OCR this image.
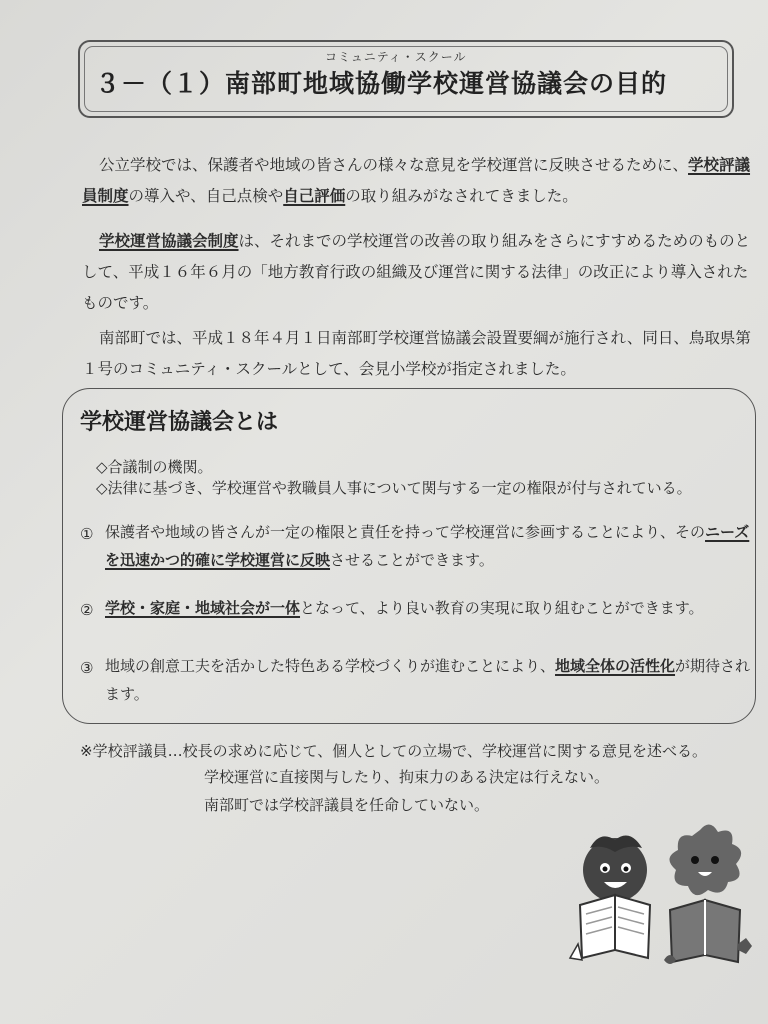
コミュニティ・スクール
３－（１）南部町地域協働学校運営協議会の目的

公立学校では、保護者や地域の皆さんの様々な意見を学校運営に反映させるために、学校評議員制度の導入や、自己点検や自己評価の取り組みがなされてきました。

学校運営協議会制度は、それまでの学校運営の改善の取り組みをさらにすすめるためのものとして、平成１６年６月の「地方教育行政の組織及び運営に関する法律」の改正により導入されたものです。

南部町では、平成１８年４月１日南部町学校運営協議会設置要綱が施行され、同日、鳥取県第１号のコミュニティ・スクールとして、会見小学校が指定されました。

学校運営協議会とは
◇合議制の機関。
◇法律に基づき、学校運営や教職員人事について関与する一定の権限が付与されている。
① 保護者や地域の皆さんが一定の権限と責任を持って学校運営に参画することにより、そのニーズを迅速かつ的確に学校運営に反映させることができます。

② 学校・家庭・地域社会が一体となって、より良い教育の実現に取り組むことができます。

③ 地域の創意工夫を活かした特色ある学校づくりが進むことにより、地域全体の活性化が期待されます。

※学校評議員…校長の求めに応じて、個人としての立場で、学校運営に関する意見を述べる。
学校運営に直接関与したり、拘束力のある決定は行えない。
南部町では学校評議員を任命していない。
